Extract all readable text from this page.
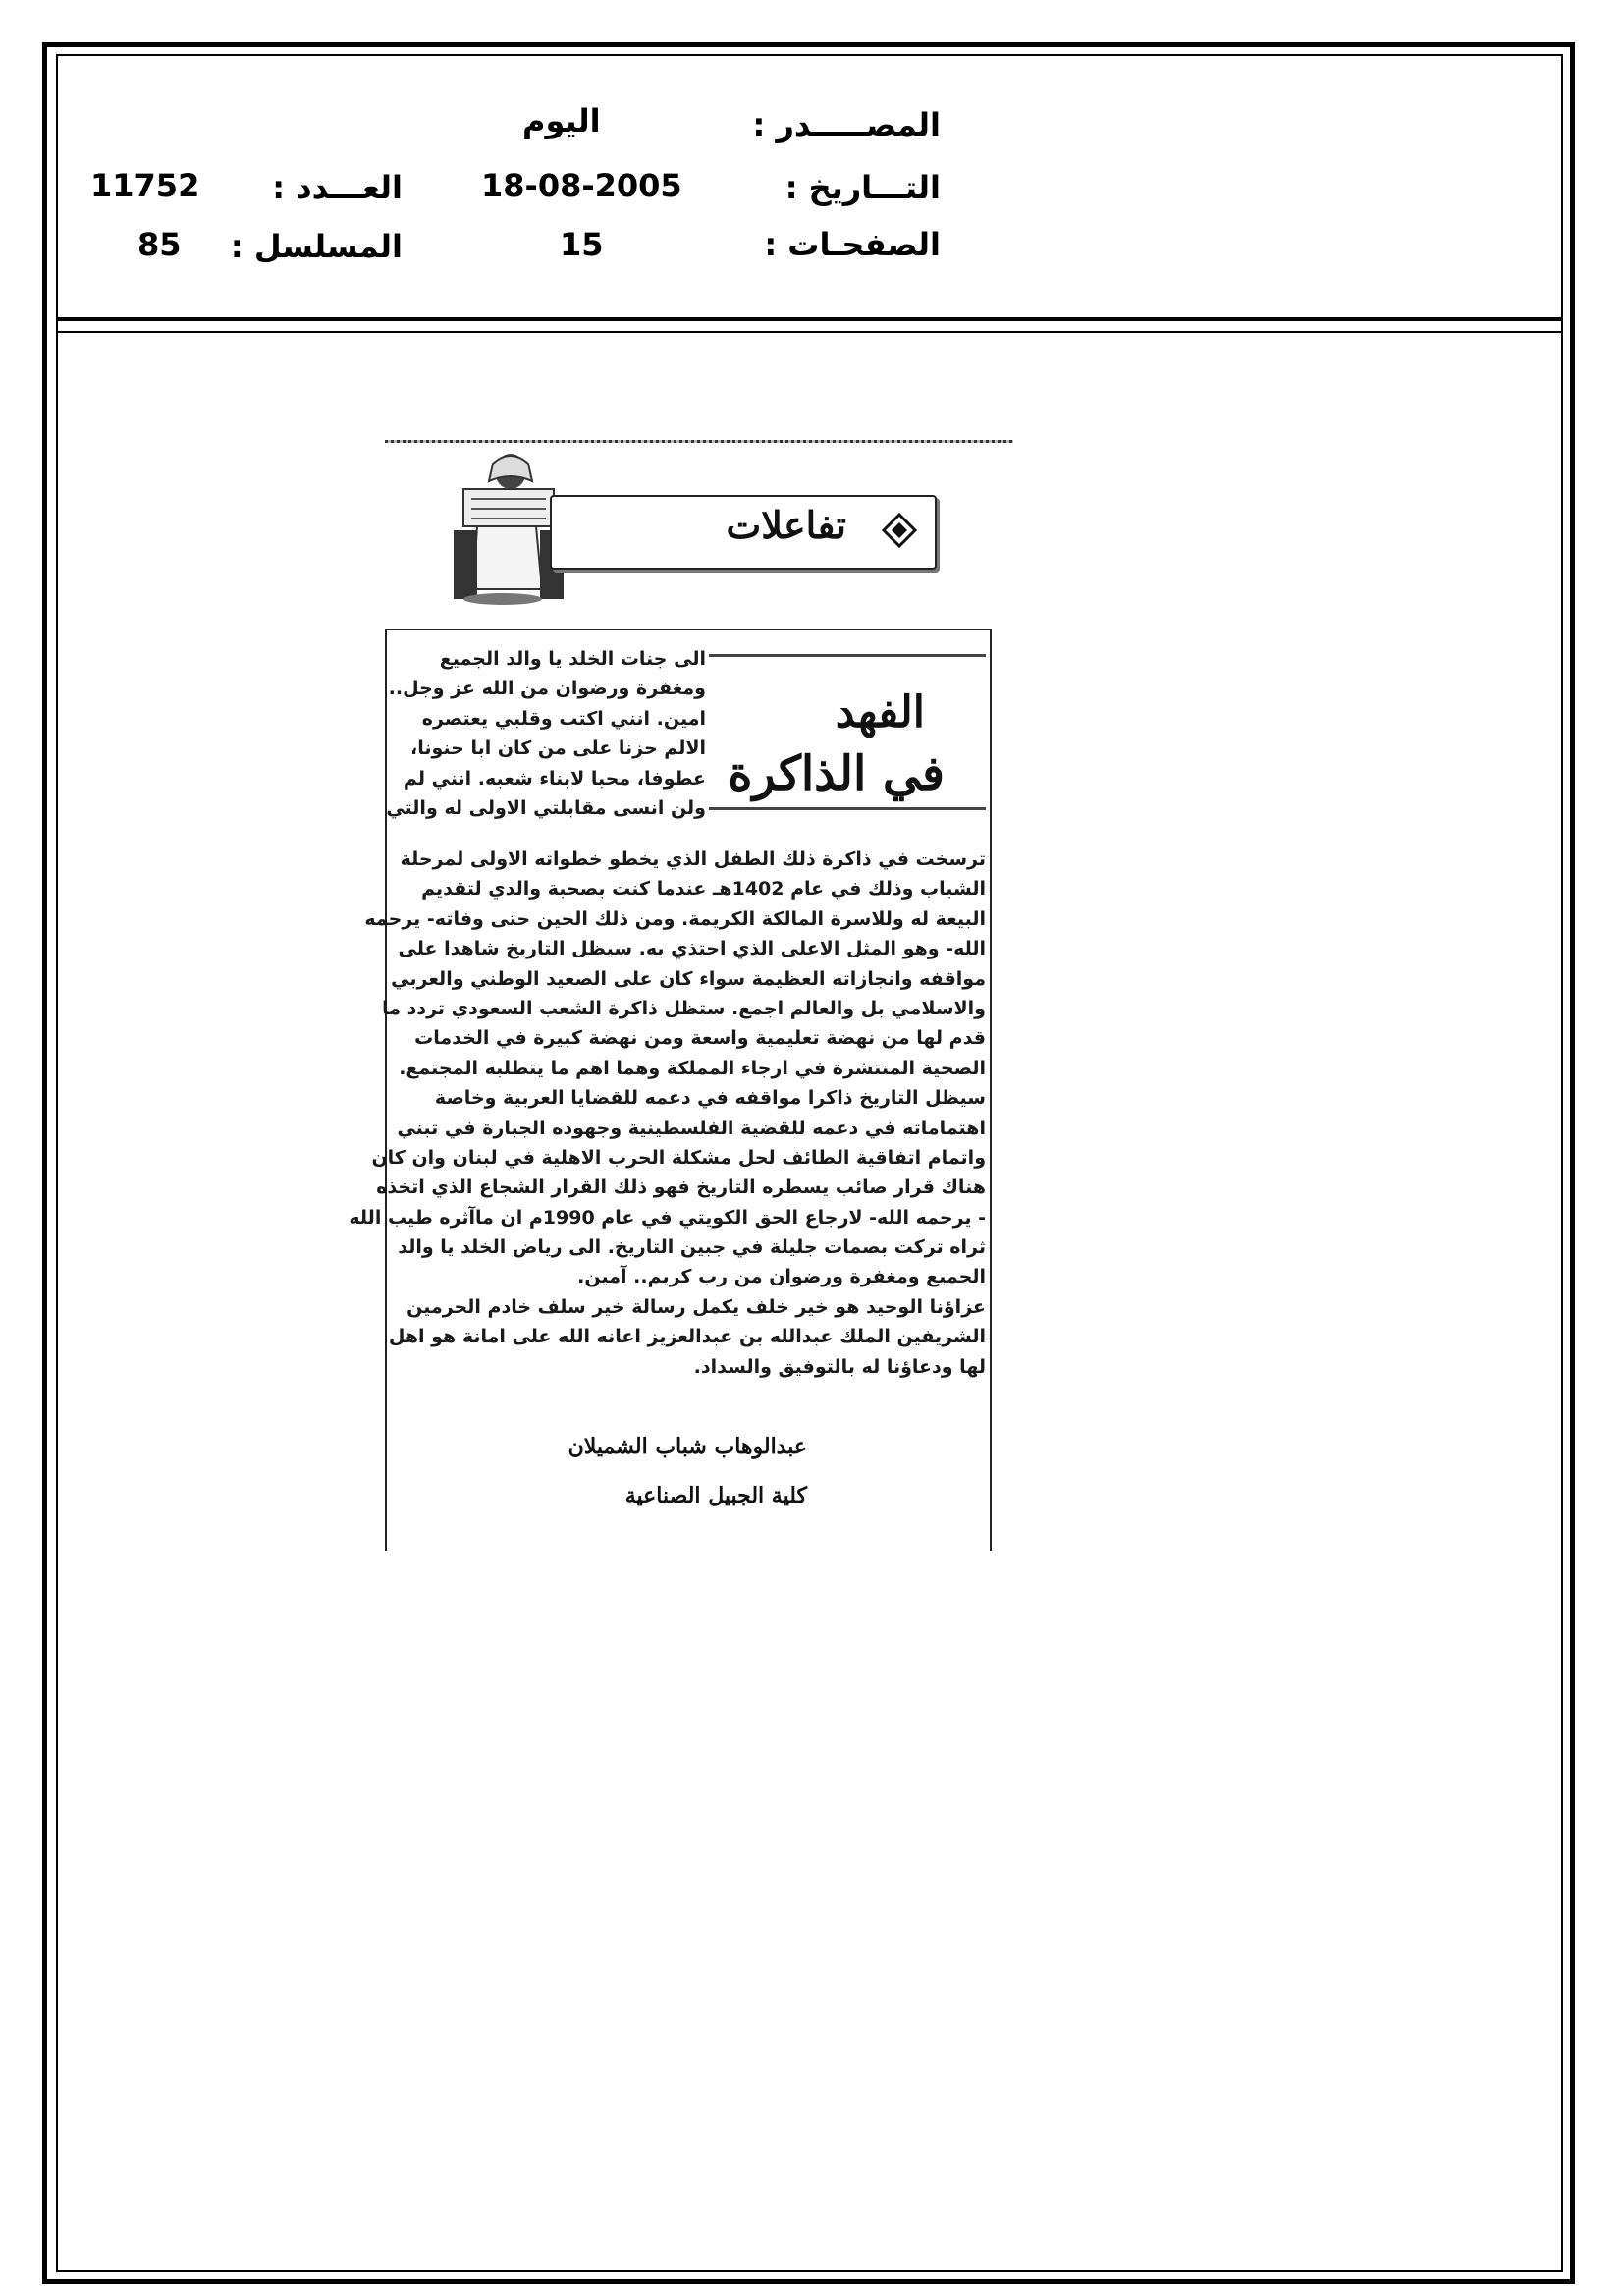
المصـــــدر :
اليوم
التـــاريخ :
18-08-2005
العـــدد :
11752
الصفحـات :
15
المسلسل :
85
تفاعلات
الفهد
في الذاكرة
الى جنات الخلد يا والد الجميع
ومغفرة ورضوان من الله عز وجل..
امين. انني اكتب وقلبي يعتصره
الالم حزنا على من كان ابا حنونا،
عطوفا، محبا لابناء شعبه. انني لم
ولن انسى مقابلتي الاولى له والتي
ترسخت في ذاكرة ذلك الطفل الذي يخطو خطواته الاولى لمرحلة
الشباب وذلك في عام 1402هـ عندما كنت بصحبة والدي لتقديم
البيعة له وللاسرة المالكة الكريمة. ومن ذلك الحين حتى وفاته- يرحمه
الله- وهو المثل الاعلى الذي احتذي به. سيظل التاريخ شاهدا على
مواقفه وانجازاته العظيمة سواء كان على الصعيد الوطني والعربي
والاسلامي بل والعالم اجمع. ستظل ذاكرة الشعب السعودي تردد ما
قدم لها من نهضة تعليمية واسعة ومن نهضة كبيرة في الخدمات
الصحية المنتشرة في ارجاء المملكة وهما اهم ما يتطلبه المجتمع.
سيظل التاريخ ذاكرا مواقفه في دعمه للقضايا العربية وخاصة
اهتماماته في دعمه للقضية الفلسطينية وجهوده الجبارة في تبني
واتمام اتفاقية الطائف لحل مشكلة الحرب الاهلية في لبنان وان كان
هناك قرار صائب يسطره التاريخ فهو ذلك القرار الشجاع الذي اتخذه
- يرحمه الله- لارجاع الحق الكويتي في عام 1990م ان ماآثره طيب الله
ثراه تركت بصمات جليلة في جبين التاريخ. الى رياض الخلد يا والد
الجميع ومغفرة ورضوان من رب كريم.. آمين.
عزاؤنا الوحيد هو خير خلف يكمل رسالة خير سلف خادم الحرمين
الشريفين الملك عبدالله بن عبدالعزيز اعانه الله على امانة هو اهل
لها ودعاؤنا له بالتوفيق والسداد.
عبدالوهاب شباب الشميلان
كلية الجبيل الصناعية
